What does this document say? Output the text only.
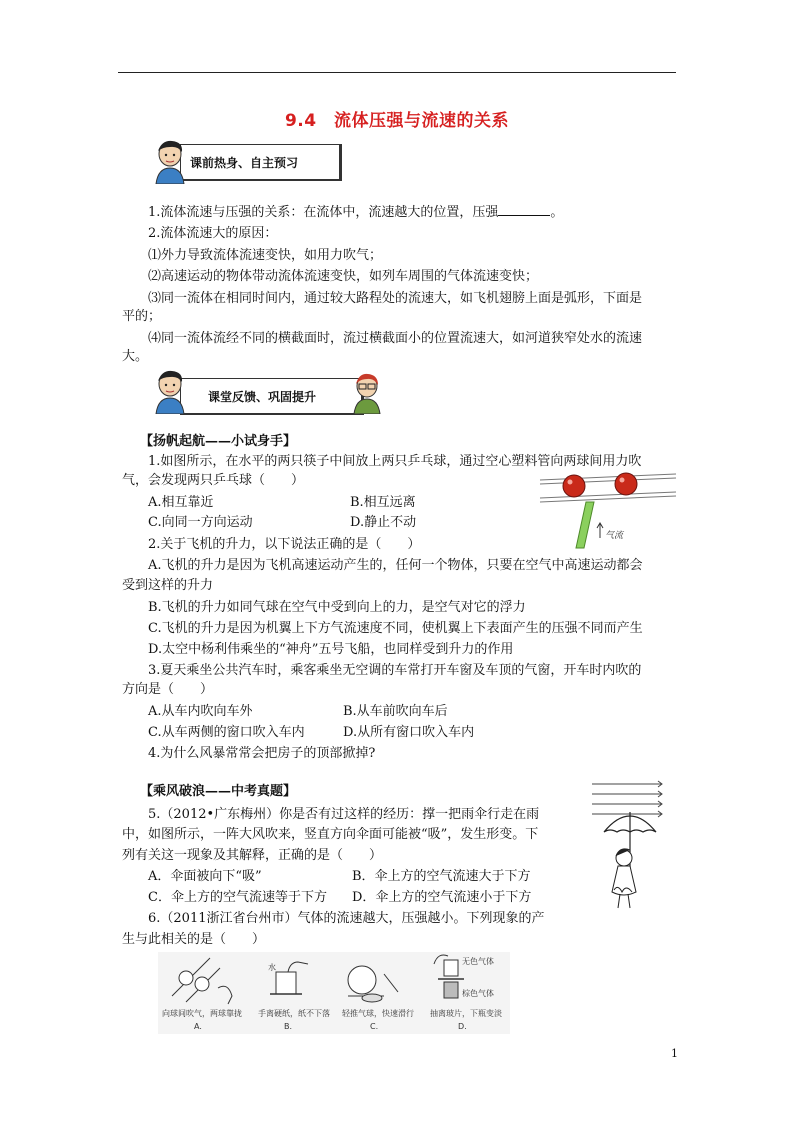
9.4　流体压强与流速的关系
课前热身、自主预习
1.流体流速与压强的关系：在流体中，流速越大的位置，压强	。
2.流体流速大的原因：
⑴外力导致流体流速变快，如用力吹气；
⑵高速运动的物体带动流体流速变快，如列车周围的气体流速变快；
⑶同一流体在相同时间内，通过较大路程处的流速大，如飞机翅膀上面是弧形，下面是
平的；
⑷同一流体流经不同的横截面时，流过横截面小的位置流速大，如河道狭窄处水的流速
大。
课堂反馈、巩固提升
【扬帆起航——小试身手】
1.如图所示，在水平的两只筷子中间放上两只乒乓球，通过空心塑料管向两球间用力吹
气，会发现两只乒乓球（　　）
A.相互靠近	B.相互远离
C.向同一方向运动	D.静止不动
气流
2.关于飞机的升力，以下说法正确的是（　　）
A.飞机的升力是因为飞机高速运动产生的，任何一个物体，只要在空气中高速运动都会
受到这样的升力
B.飞机的升力如同气球在空气中受到向上的力，是空气对它的浮力
C.飞机的升力是因为机翼上下方气流速度不同，使机翼上下表面产生的压强不同而产生
D.太空中杨利伟乘坐的“神舟”五号飞船，也同样受到升力的作用
3.夏天乘坐公共汽车时，乘客乘坐无空调的车常打开车窗及车顶的气窗，开车时内吹的
方向是（　　）
A.从车内吹向车外	B.从车前吹向车后
C.从车两侧的窗口吹入车内	D.从所有窗口吹入车内
4.为什么风暴常常会把房子的顶部掀掉?
【乘风破浪——中考真题】
5.（2012•广东梅州）你是否有过这样的经历：撑一把雨伞行走在雨
中，如图所示，一阵大风吹来，竖直方向伞面可能被“吸”，发生形变。下
列有关这一现象及其解释，正确的是（　　）
A．伞面被向下“吸”	B．伞上方的空气流速大于下方
C．伞上方的空气流速等于下方 D．伞上方的空气流速小于下方
6.（2011浙江省台州市）气体的流速越大，压强越小。下列现象的产
生与此相关的是（　　）
水
无色气体
棕色气体
向球间吹气，两球靠拢 手离硬纸，纸不下落 轻推气球，快速滑行 抽离玻片，下瓶变淡
A.	B.	C.	D.
1
